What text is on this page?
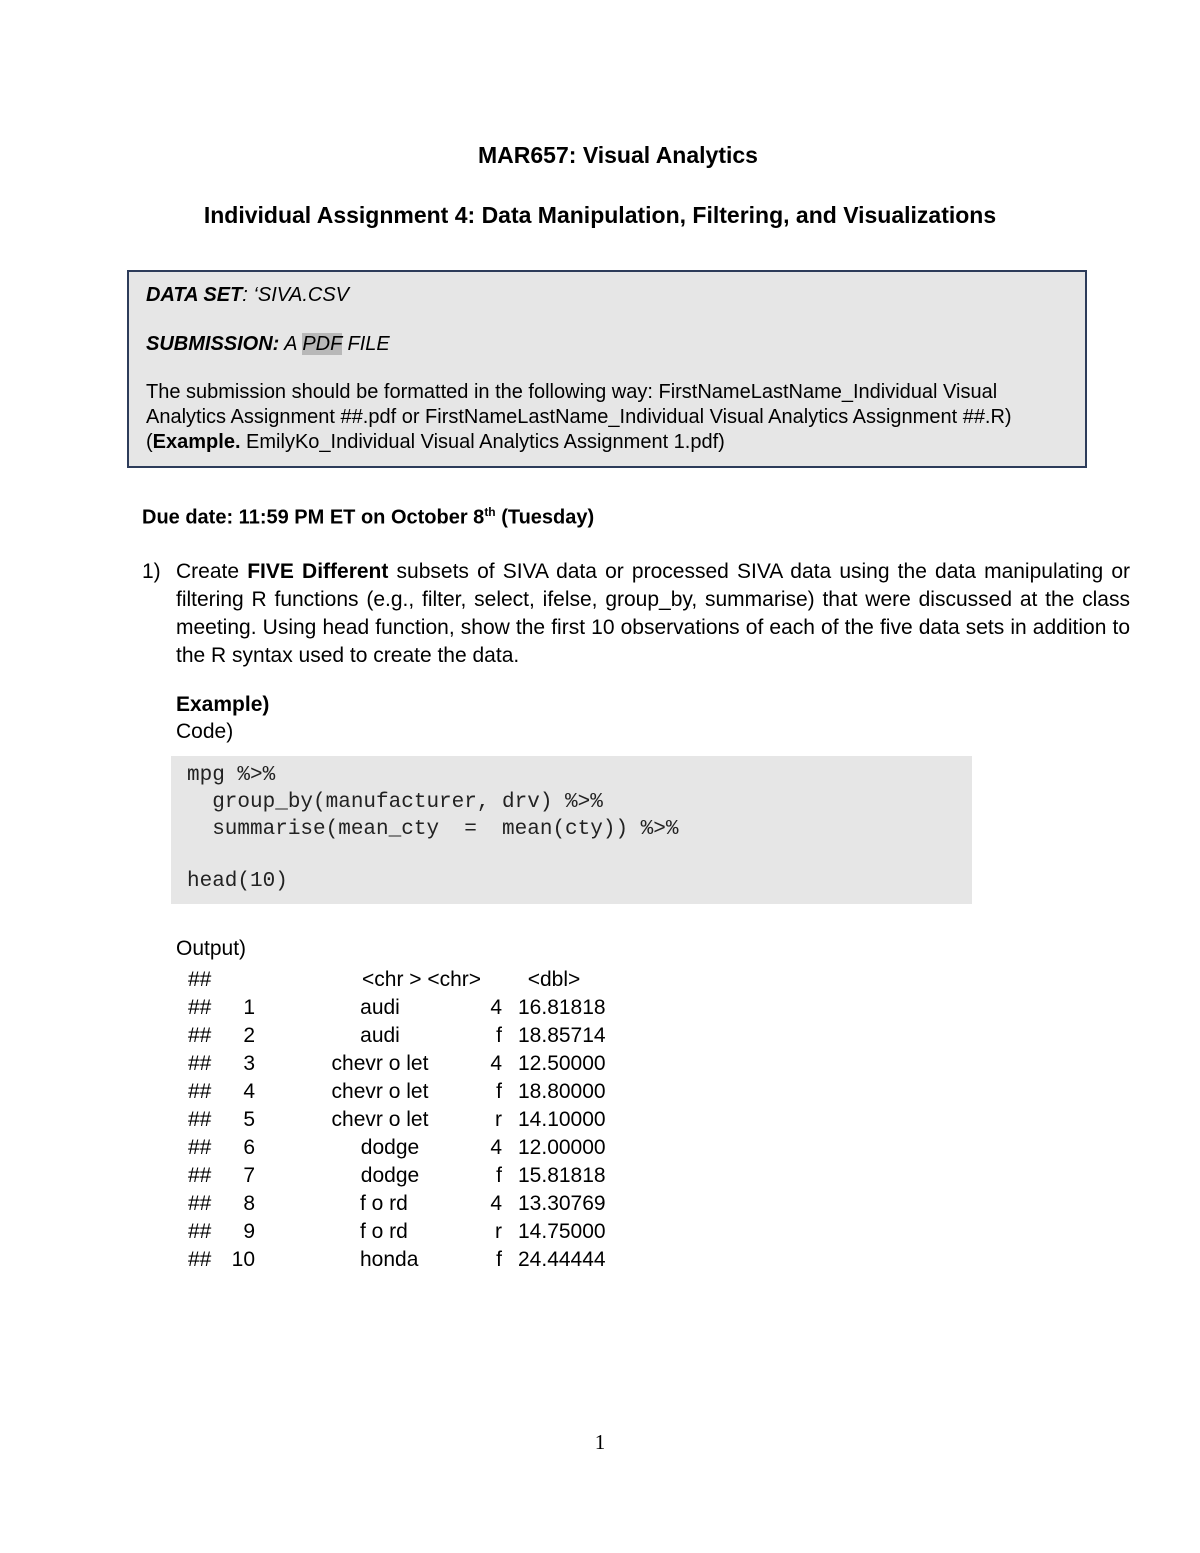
MAR657: Visual Analytics
Individual Assignment 4: Data Manipulation, Filtering, and Visualizations
DATA SET: ‘SIVA.CSV
SUBMISSION: A PDF FILE
The submission should be formatted in the following way: FirstNameLastName_Individual Visual Analytics Assignment ##.pdf or FirstNameLastName_Individual Visual Analytics Assignment ##.R) (Example. EmilyKo_Individual Visual Analytics Assignment 1.pdf)
Due date: 11:59 PM ET on October 8th (Tuesday)
1) Create FIVE Different subsets of SIVA data or processed SIVA data using the data manipulating or filtering R functions (e.g., filter, select, ifelse, group_by, summarise) that were discussed at the class meeting. Using head function, show the first 10 observations of each of the five data sets in addition to the R syntax used to create the data.
Example)
Code)
mpg %>%
group_by(manufacturer, drv) %>%
summarise(mean_cty  =  mean(cty)) %>%
head(10)
Output)
##	<chr > <chr>        <dbl>
##	1	audi	4 16.81818
##	2	audi	f 18.85714
##	3	chevr o let	4 12.50000
##	4	chevr o let	f 18.80000
##	5	chevr o let	r 14.10000
##	6	dodge	4 12.00000
##	7	dodge	f 15.81818
##	8	f o rd	4 13.30769
##	9	f o rd	r 14.75000
## 10	honda	f 24.44444
1
